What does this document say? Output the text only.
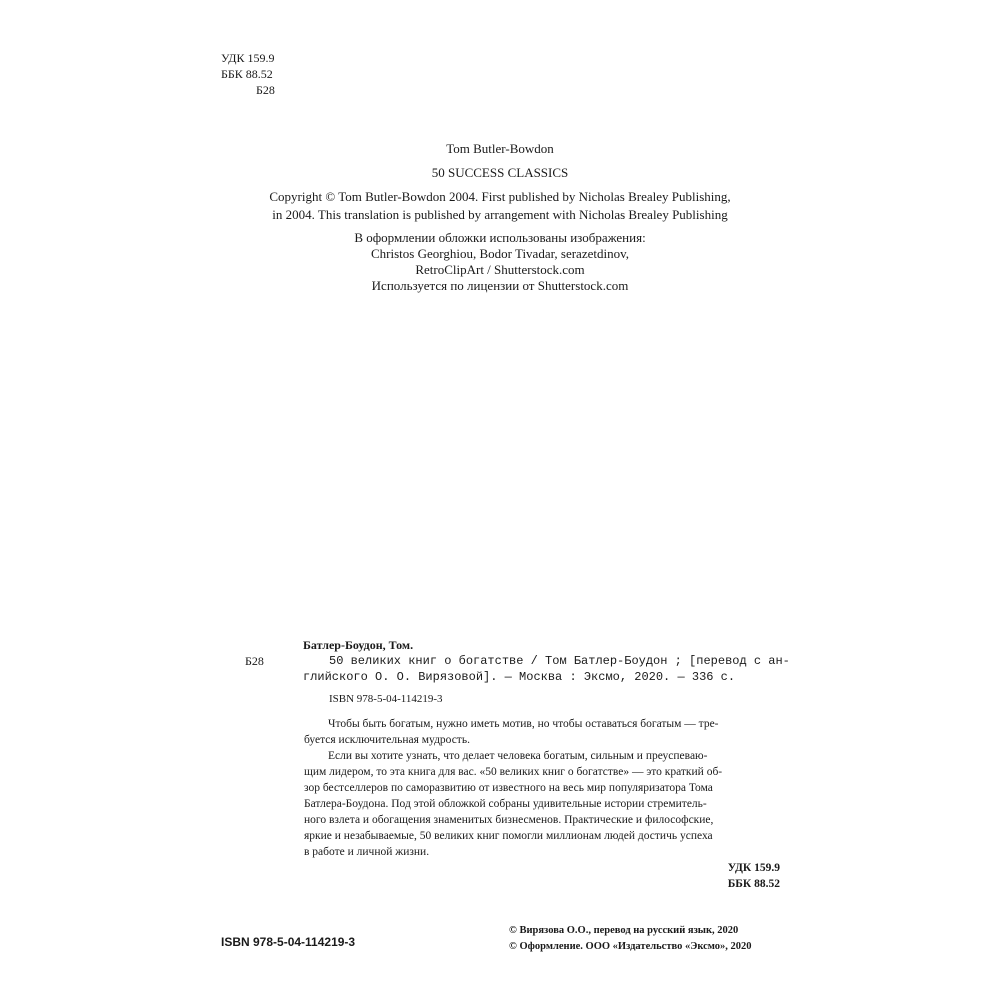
УДК 159.9
ББК 88.52
Б28
Tom Butler-Bowdon
50 SUCCESS CLASSICS
Copyright © Tom Butler-Bowdon 2004. First published by Nicholas Brealey Publishing,
in 2004. This translation is published by arrangement with Nicholas Brealey Publishing
В оформлении обложки использованы изображения:
Christos Georghiou, Bodor Tivadar, serazetdinov,
RetroClipArt / Shutterstock.com
Используется по лицензии от Shutterstock.com
Батлер-Боудон, Том.
Б28	50 великих книг о богатстве / Том Батлер-Боудон ; [перевод с ан-
глийского О. О. Вирязовой]. — Москва : Эксмо, 2020. — 336 с.
ISBN 978-5-04-114219-3
Чтобы быть богатым, нужно иметь мотив, но чтобы оставаться богатым — тре-
буется исключительная мудрость.
Если вы хотите узнать, что делает человека богатым, сильным и преуспеваю-
щим лидером, то эта книга для вас. «50 великих книг о богатстве» — это краткий об-
зор бестселлеров по саморазвитию от известного на весь мир популяризатора Тома
Батлера-Боудона. Под этой обложкой собраны удивительные истории стремитель-
ного взлета и обогащения знаменитых бизнесменов. Практические и философские,
яркие и незабываемые, 50 великих книг помогли миллионам людей достичь успеха
в работе и личной жизни.
УДК 159.9
ББК 88.52
ISBN 978-5-04-114219-3
© Вирязова О.О., перевод на русский язык, 2020
© Оформление. ООО «Издательство «Эксмо», 2020
